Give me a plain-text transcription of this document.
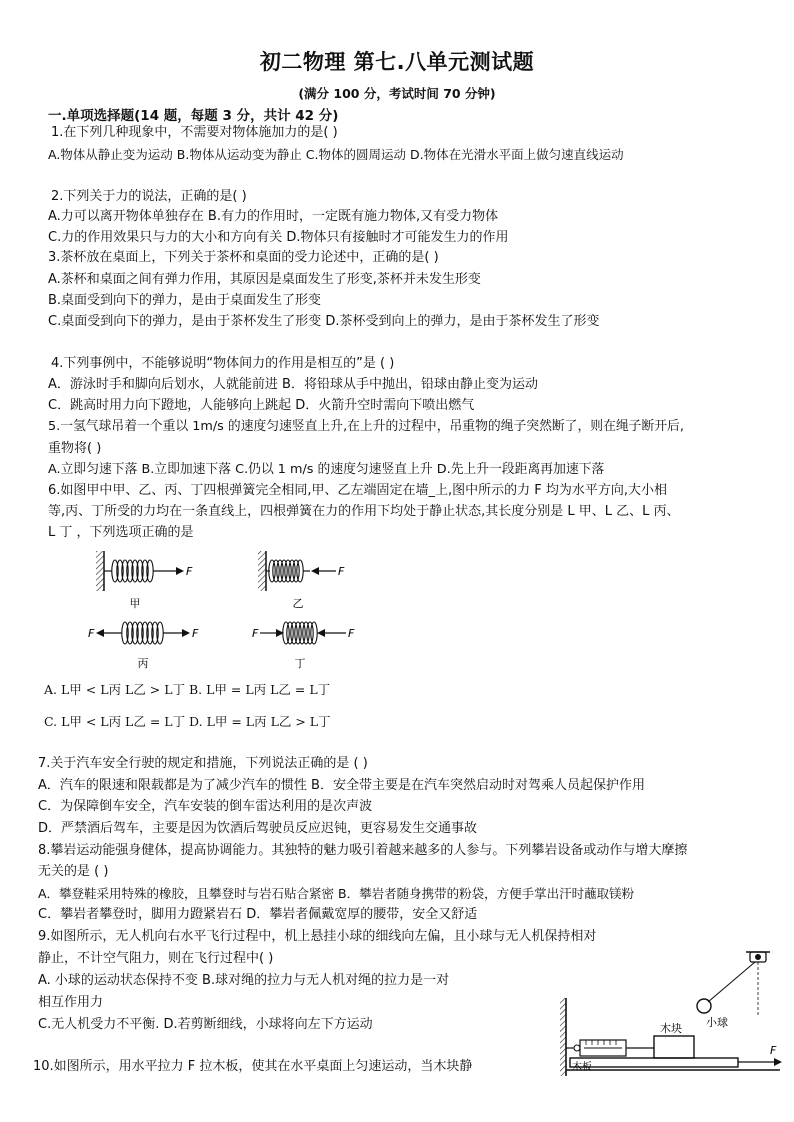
初二物理 第七.八单元测试题
(满分 100 分，考试时间 70 分钟)
一.单项选择题(14 题，每题 3 分，共计 42 分)
1.在下列几种现象中，不需要对物体施加力的是( )
A.物体从静止变为运动 B.物体从运动变为静止 C.物体的圆周运动 D.物体在光滑水平面上做匀速直线运动
2.下列关于力的说法，正确的是( )
A.力可以离开物体单独存在 B.有力的作用时，一定既有施力物体,又有受力物体
C.力的作用效果只与力的大小和方向有关 D.物体只有接触时才可能发生力的作用
3.茶杯放在桌面上，下列关于茶杯和桌面的受力论述中，正确的是( )
A.茶杯和桌面之间有弹力作用，其原因是桌面发生了形变,茶杯并未发生形变
B.桌面受到向下的弹力，是由于桌面发生了形变
C.桌面受到向下的弹力，是由于茶杯发生了形变 D.茶杯受到向上的弹力，是由于茶杯发生了形变
4.下列事例中，不能够说明“物体间力的作用是相互的”是 ( )
A．游泳时手和脚向后划水，人就能前进 B．将铅球从手中抛出，铅球由静止变为运动
C．跳高时用力向下蹬地，人能够向上跳起 D．火箭升空时需向下喷出燃气
5.一氢气球吊着一个重以 1m/s 的速度匀速竖直上升,在上升的过程中，吊重物的绳子突然断了，则在绳子断开后,
重物将( )
A.立即匀速下落 B.立即加速下落 C.仍以 1 m/s 的速度匀速竖直上升 D.先上升一段距离再加速下落
6.如图甲中甲、乙、丙、丁四根弹簧完全相同,甲、乙左端固定在墙_上,图中所示的力 F 均为水平方向,大小相
等,丙、丁所受的力均在一条直线上，四根弹簧在力的作用下均处于静止状态,其长度分别是 L 甲、L 乙、L 丙、
L 丁 ，下列选项正确的是
F
甲
F
乙
F	F
丙
F	F
丁
A. L甲 < L丙 L乙 > L丁 B. L甲 = L丙 L乙 = L丁
C. L甲 < L丙 L乙 = L丁 D. L甲 = L丙 L乙 > L丁
7.关于汽车安全行驶的规定和措施，下列说法正确的是 ( )
A．汽车的限速和限载都是为了减少汽车的惯性 B．安全带主要是在汽车突然启动时对驾乘人员起保护作用
C．为保障倒车安全，汽车安装的倒车雷达利用的是次声波
D．严禁酒后驾车，主要是因为饮酒后驾驶员反应迟钝，更容易发生交通事故
8.攀岩运动能强身健体，提高协调能力。其独特的魅力吸引着越来越多的人参与。下列攀岩设备或动作与增大摩擦
无关的是 ( )
A．攀登鞋采用特殊的橡胶，且攀登时与岩石贴合紧密 B．攀岩者随身携带的粉袋，方便手掌出汗时蘸取镁粉
C．攀岩者攀登时，脚用力蹬紧岩石 D．攀岩者佩戴宽厚的腰带，安全又舒适
9.如图所示，无人机向右水平飞行过程中，机上悬挂小球的细线向左偏，且小球与无人机保持相对
静止，不计空气阻力，则在飞行过程中( )
A. 小球的运动状态保持不变 B.球对绳的拉力与无人机对绳的拉力是一对
相互作用力
C.无人机受力不平衡. D.若剪断细线，小球将向左下方运动
10.如图所示，用水平拉力 F 拉木板，使其在水平桌面上匀速运动，当木块静
小球
木块
木板
F
